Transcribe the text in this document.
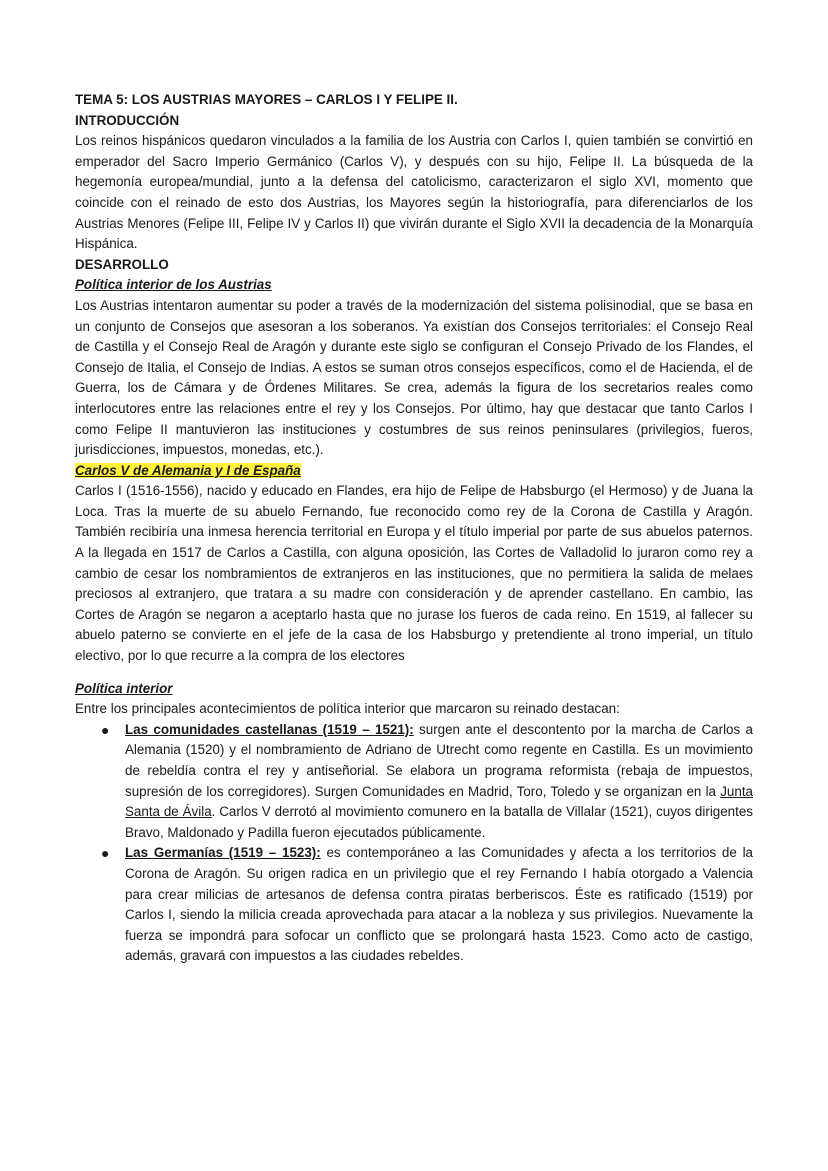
TEMA 5: LOS AUSTRIAS MAYORES – CARLOS I Y FELIPE II.
INTRODUCCIÓN

Los reinos hispánicos quedaron vinculados a la familia de los Austria con Carlos I, quien también se convirtió en emperador del Sacro Imperio Germánico (Carlos V), y después con su hijo, Felipe II. La búsqueda de la hegemonía europea/mundial, junto a la defensa del catolicismo, caracterizaron el siglo XVI, momento que coincide con el reinado de esto dos Austrias, los Mayores según la historiografía, para diferenciarlos de los Austrias Menores (Felipe III, Felipe IV y Carlos II) que vivirán durante el Siglo XVII la decadencia de la Monarquía Hispánica.

DESARROLLO
Política interior de los Austrias

Los Austrias intentaron aumentar su poder a través de la modernización del sistema polisinodial, que se basa en un conjunto de Consejos que asesoran a los soberanos. Ya existían dos Consejos territoriales: el Consejo Real de Castilla y el Consejo Real de Aragón y durante este siglo se configuran el Consejo Privado de los Flandes, el Consejo de Italia, el Consejo de Indias. A estos se suman otros consejos específicos, como el de Hacienda, el de Guerra, los de Cámara y de Órdenes Militares. Se crea, además la figura de los secretarios reales como interlocutores entre las relaciones entre el rey y los Consejos. Por último, hay que destacar que tanto Carlos I como Felipe II mantuvieron las instituciones y costumbres de sus reinos peninsulares (privilegios, fueros, jurisdicciones, impuestos, monedas, etc.).

Carlos V de Alemania y I de España

Carlos I (1516-1556), nacido y educado en Flandes, era hijo de Felipe de Habsburgo (el Hermoso) y de Juana la Loca. Tras la muerte de su abuelo Fernando, fue reconocido como rey de la Corona de Castilla y Aragón. También recibiría una inmesa herencia territorial en Europa y el título imperial por parte de sus abuelos paternos. A la llegada en 1517 de Carlos a Castilla, con alguna oposición, las Cortes de Valladolid lo juraron como rey a cambio de cesar los nombramientos de extranjeros en las instituciones, que no permitiera la salida de melaes preciosos al extranjero, que tratara a su madre con consideración y de aprender castellano. En cambio, las Cortes de Aragón se negaron a aceptarlo hasta que no jurase los fueros de cada reino. En 1519, al fallecer su abuelo paterno se convierte en el jefe de la casa de los Habsburgo y pretendiente al trono imperial, un título electivo, por lo que recurre a la compra de los electores

Política interior

Entre los principales acontecimientos de política interior que marcaron su reinado destacan:

● Las comunidades castellanas (1519 – 1521): surgen ante el descontento por la marcha de Carlos a Alemania (1520) y el nombramiento de Adriano de Utrecht como regente en Castilla. Es un movimiento de rebeldía contra el rey y antiseñorial. Se elabora un programa reformista (rebaja de impuestos, supresión de los corregidores). Surgen Comunidades en Madrid, Toro, Toledo y se organizan en la Junta Santa de Ávila. Carlos V derrotó al movimiento comunero en la batalla de Villalar (1521), cuyos dirigentes Bravo, Maldonado y Padilla fueron ejecutados públicamente.
● Las Germanías (1519 – 1523): es contemporáneo a las Comunidades y afecta a los territorios de la Corona de Aragón. Su origen radica en un privilegio que el rey Fernando I había otorgado a Valencia para crear milicias de artesanos de defensa contra piratas berberiscos. Éste es ratificado (1519) por Carlos I, siendo la milicia creada aprovechada para atacar a la nobleza y sus privilegios. Nuevamente la fuerza se impondrá para sofocar un conflicto que se prolongará hasta 1523. Como acto de castigo, además, gravará con impuestos a las ciudades rebeldes.
